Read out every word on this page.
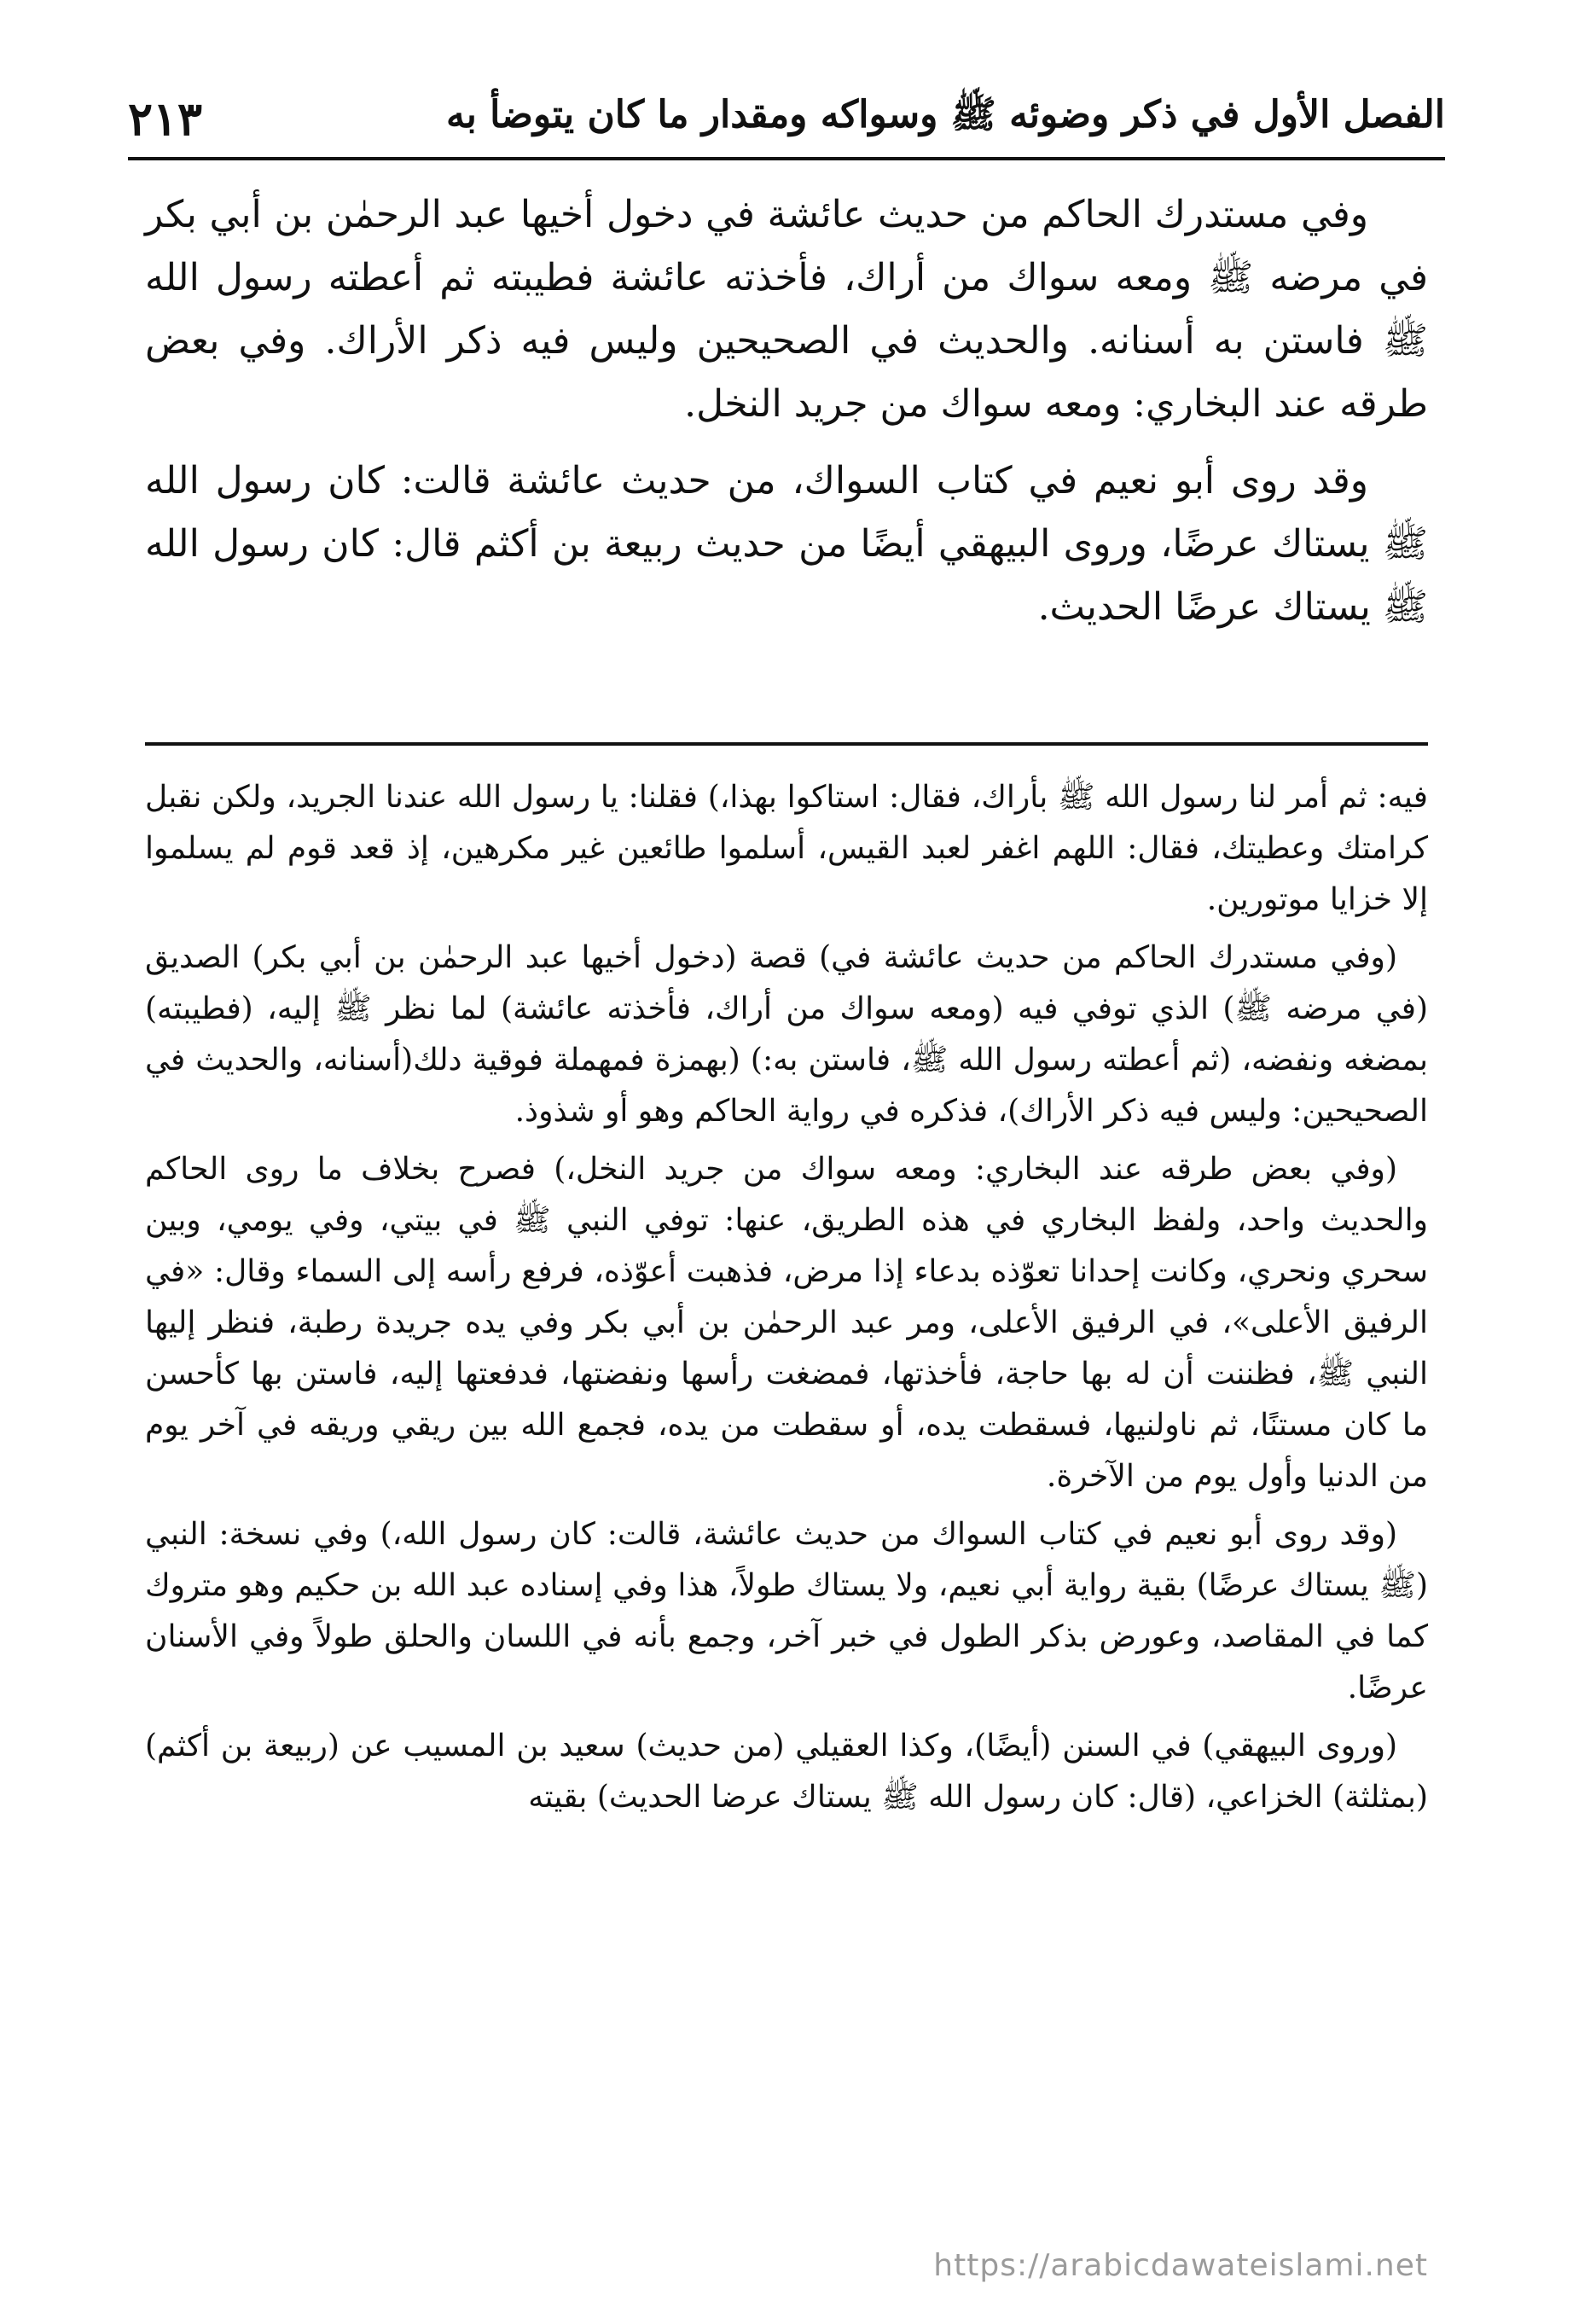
الفصل الأول في ذكر وضوئه ﷺ وسواكه ومقدار ما كان يتوضأ به
٢١٣

وفي مستدرك الحاكم من حديث عائشة في دخول أخيها عبد الرحمٰن بن أبي بكر في مرضه ﷺ ومعه سواك من أراك، فأخذته عائشة فطيبته ثم أعطته رسول الله ﷺ فاستن به أسنانه. والحديث في الصحيحين وليس فيه ذكر الأراك. وفي بعض طرقه عند البخاري: ومعه سواك من جريد النخل.

وقد روى أبو نعيم في كتاب السواك، من حديث عائشة قالت: كان رسول الله ﷺ يستاك عرضًا، وروى البيهقي أيضًا من حديث ربيعة بن أكثم قال: كان رسول الله ﷺ يستاك عرضًا الحديث.

فيه: ثم أمر لنا رسول الله ﷺ بأراك، فقال: استاكوا بهذا،) فقلنا: يا رسول الله عندنا الجريد، ولكن نقبل كرامتك وعطيتك، فقال: اللهم اغفر لعبد القيس، أسلموا طائعين غير مكرهين، إذ قعد قوم لم يسلموا إلا خزايا موتورين.

(وفي مستدرك الحاكم من حديث عائشة في) قصة (دخول أخيها عبد الرحمٰن بن أبي بكر) الصديق (في مرضه ﷺ) الذي توفي فيه (ومعه سواك من أراك، فأخذته عائشة) لما نظر ﷺ إليه، (فطيبته) بمضغه ونفضه، (ثم أعطته رسول الله ﷺ، فاستن به:) (بهمزة فمهملة فوقية دلك(أسنانه، والحديث في الصحيحين: وليس فيه ذكر الأراك)، فذكره في رواية الحاكم وهو أو شذوذ.

(وفي بعض طرقه عند البخاري: ومعه سواك من جريد النخل،) فصرح بخلاف ما روى الحاكم والحديث واحد، ولفظ البخاري في هذه الطريق، عنها: توفي النبي ﷺ في بيتي، وفي يومي، وبين سحري ونحري، وكانت إحدانا تعوّذه بدعاء إذا مرض، فذهبت أعوّذه، فرفع رأسه إلى السماء وقال: «في الرفيق الأعلى»، في الرفيق الأعلى، ومر عبد الرحمٰن بن أبي بكر وفي يده جريدة رطبة، فنظر إليها النبي ﷺ، فظننت أن له بها حاجة، فأخذتها، فمضغت رأسها ونفضتها، فدفعتها إليه، فاستن بها كأحسن ما كان مستنًا، ثم ناولنيها، فسقطت يده، أو سقطت من يده، فجمع الله بين ريقي وريقه في آخر يوم من الدنيا وأول يوم من الآخرة.

(وقد روى أبو نعيم في كتاب السواك من حديث عائشة، قالت: كان رسول الله،) وفي نسخة: النبي (ﷺ يستاك عرضًا) بقية رواية أبي نعيم، ولا يستاك طولاً، هذا وفي إسناده عبد الله بن حكيم وهو متروك كما في المقاصد، وعورض بذكر الطول في خبر آخر، وجمع بأنه في اللسان والحلق طولاً وفي الأسنان عرضًا.

(وروى البيهقي) في السنن (أيضًا)، وكذا العقيلي (من حديث) سعيد بن المسيب عن (ربيعة بن أكثم) (بمثلثة) الخزاعي، (قال: كان رسول الله ﷺ يستاك عرضا الحديث) بقيته

https://arabicdawateislami.net
